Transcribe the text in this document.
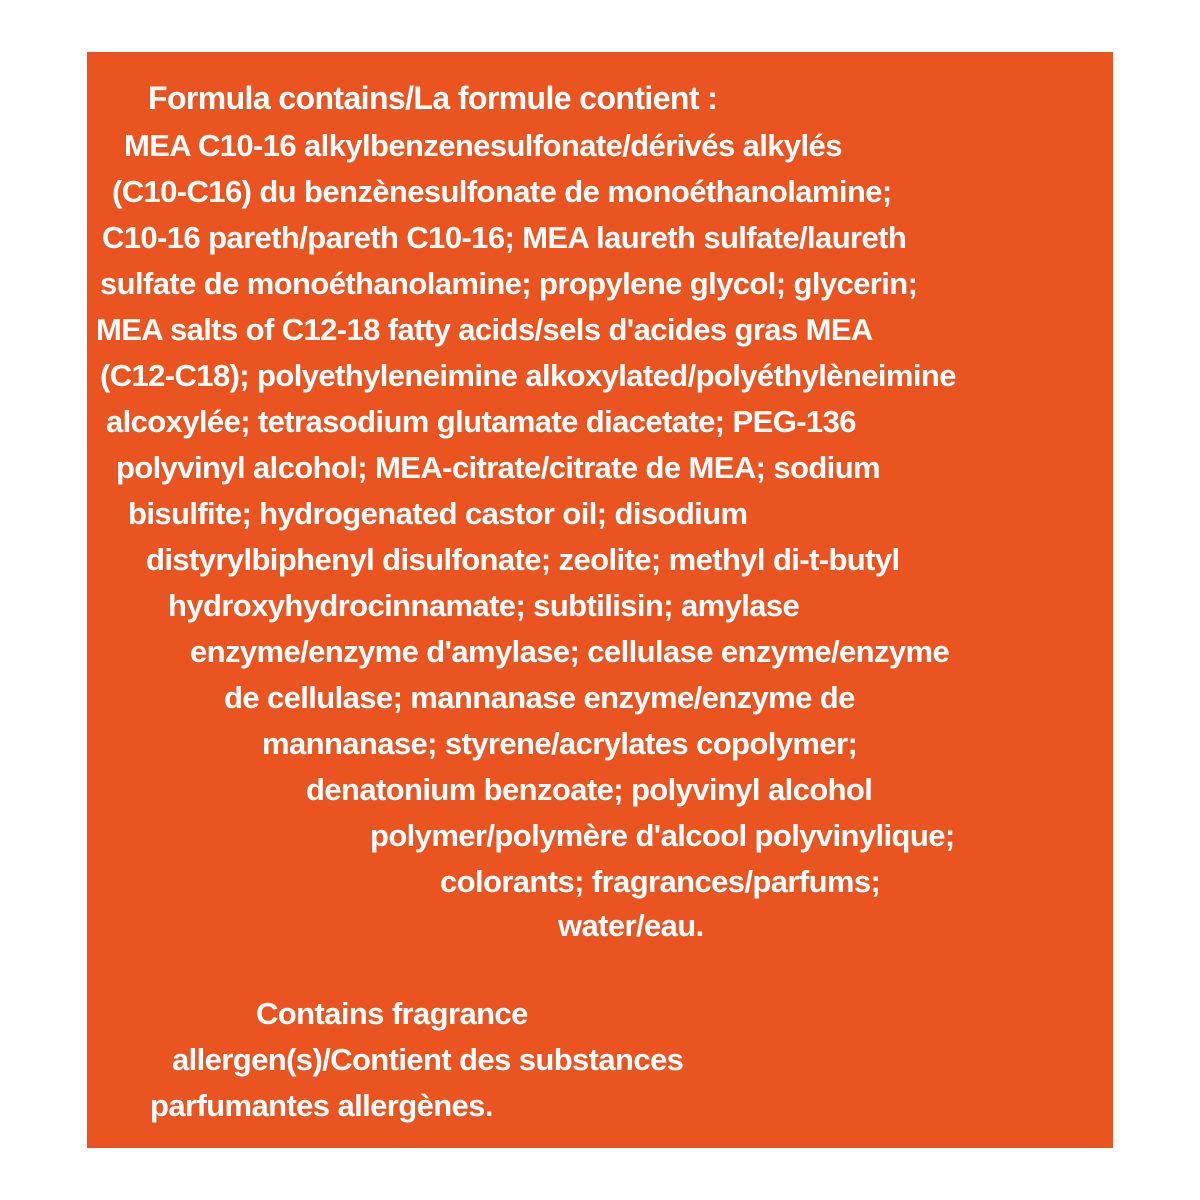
Formula contains/La formule contient :
MEA C10-16 alkylbenzenesulfonate/dérivés alkylés
(C10-C16) du benzènesulfonate de monoéthanolamine;
C10-16 pareth/pareth C10-16; MEA laureth sulfate/laureth
sulfate de monoéthanolamine; propylene glycol; glycerin;
MEA salts of C12-18 fatty acids/sels d'acides gras MEA
(C12-C18); polyethyleneimine alkoxylated/polyéthylèneimine
alcoxylée; tetrasodium glutamate diacetate; PEG-136
polyvinyl alcohol; MEA-citrate/citrate de MEA; sodium
bisulfite; hydrogenated castor oil; disodium
distyrylbiphenyl disulfonate; zeolite; methyl di-t-butyl
hydroxyhydrocinnamate; subtilisin; amylase
enzyme/enzyme d'amylase; cellulase enzyme/enzyme
de cellulase; mannanase enzyme/enzyme de
mannanase; styrene/acrylates copolymer;
denatonium benzoate; polyvinyl alcohol
polymer/polymère d'alcool polyvinylique;
colorants; fragrances/parfums;
water/eau.
Contains fragrance
allergen(s)/Contient des substances
parfumantes allergènes.
